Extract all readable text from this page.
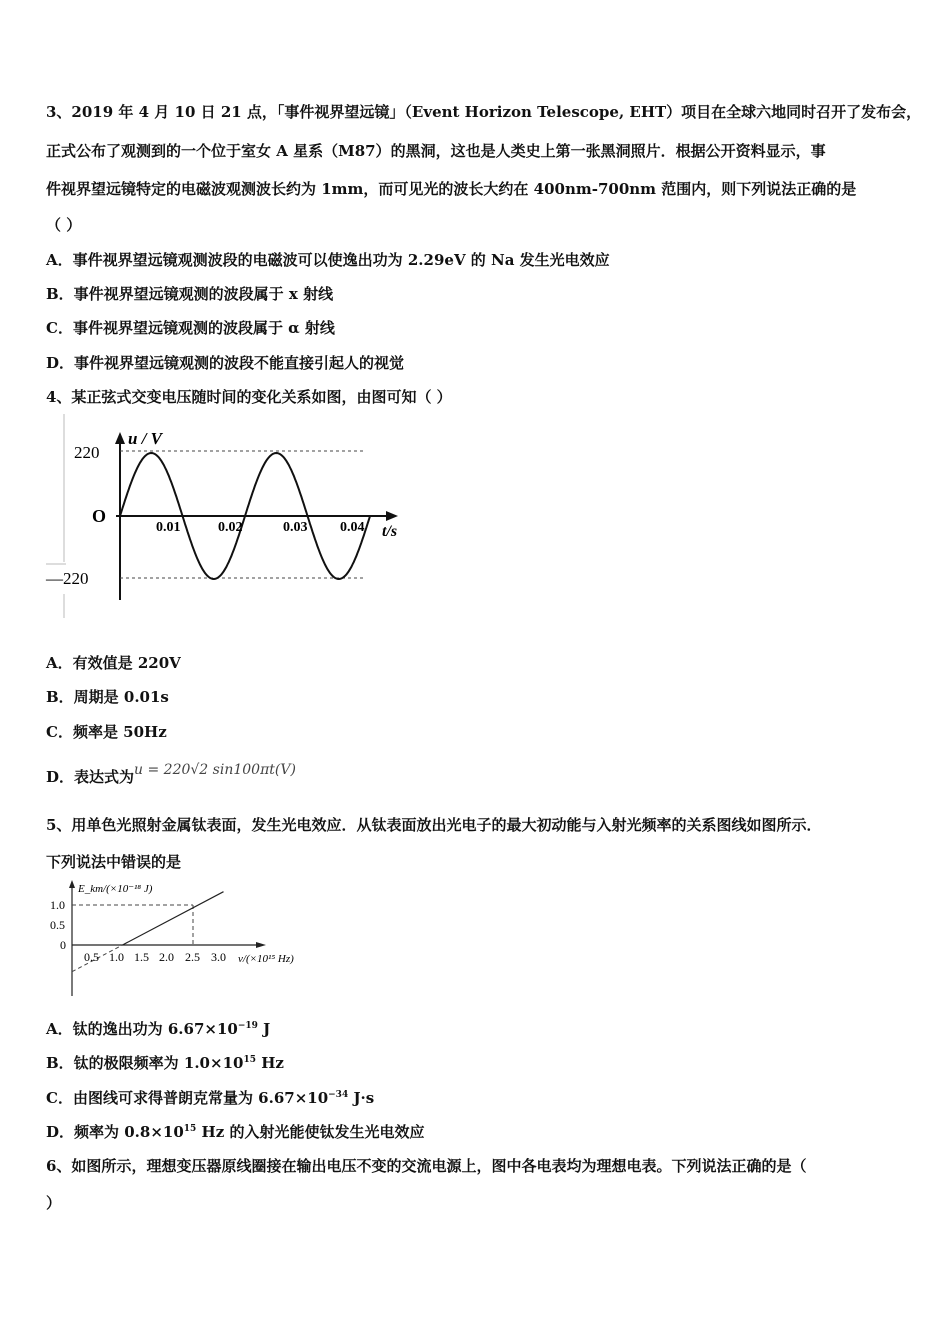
3、2019 年 4 月 10 日 21 点，「事件视界望远镜」（Event Horizon Telescope, EHT）项目在全球六地同时召开了发布会，
正式公布了观测到的一个位于室女 A 星系（M87）的黑洞，这也是人类史上第一张黑洞照片．根据公开资料显示，事
件视界望远镜特定的电磁波观测波长约为 1mm，而可见光的波长大约在 400nm-700nm 范围内，则下列说法正确的是
（ ）
A．事件视界望远镜观测波段的电磁波可以使逸出功为 2.29eV 的 Na 发生光电效应
B．事件视界望远镜观测的波段属于 x 射线
C．事件视界望远镜观测的波段属于 α 射线
D．事件视界望远镜观测的波段不能直接引起人的视觉
4、某正弦式交变电压随时间的变化关系如图，由图可知（ ）
220
—220
O
u / V
t/s
0.01	0.02	0.03 0.04
A．有效值是 220V
B．周期是 0.01s
C．频率是 50Hz
D．表达式为u = 220√2 sin100πt(V)
5、用单色光照射金属钛表面，发生光电效应．从钛表面放出光电子的最大初动能与入射光频率的关系图线如图所示．
下列说法中错误的是
1.0
0.5
0
0.5 1.0 1.5 2.0 2.5 3.0
E_km/(×10⁻¹⁸ J)
ν/(×10¹⁵ Hz)
A．钛的逸出功为 $6.67\times 10^{-19}$ J
B．钛的极限频率为 $1.0\times 10^{15}$ Hz
C．由图线可求得普朗克常量为 $6.67\times 10^{-34}$ J·s
D．频率为 $0.8\times 10^{15}$ Hz 的入射光能使钛发生光电效应
6、如图所示，理想变压器原线圈接在输出电压不变的交流电源上，图中各电表均为理想电表。下列说法正确的是（
）
